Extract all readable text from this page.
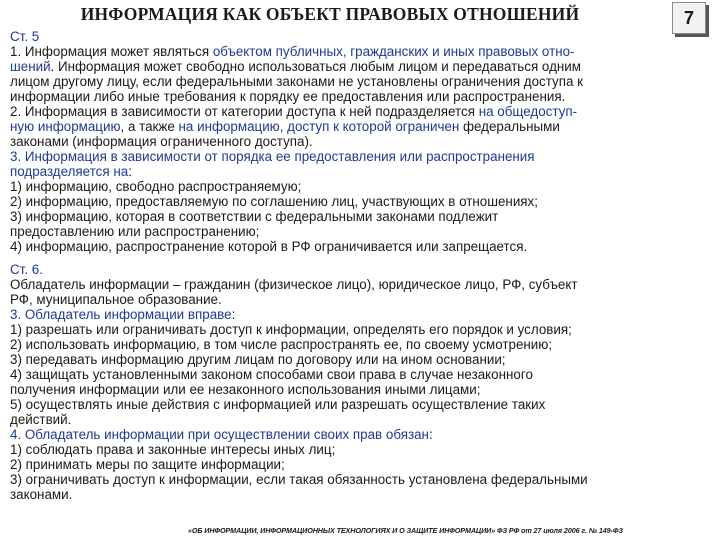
ИНФОРМАЦИЯ КАК ОБЪЕКТ ПРАВОВЫХ ОТНОШЕНИЙ	7
Ст. 5
1. Информация может являться объектом публичных, гражданских и иных правовых отно-
шений. Информация может свободно использоваться любым лицом и передаваться одним
лицом другому лицу, если федеральными законами не установлены ограничения доступа к
информации либо иные требования к порядку ее предоставления или распространения.
2. Информация в зависимости от категории доступа к ней подразделяется на общедоступ-
ную информацию, а также на информацию, доступ к которой ограничен федеральными
законами (информация ограниченного доступа).
3. Информация в зависимости от порядка ее предоставления или распространения
подразделяется на:
1) информацию, свободно распространяемую;
2) информацию, предоставляемую по соглашению лиц, участвующих в отношениях;
3) информацию, которая в соответствии с федеральными законами подлежит
предоставлению или распространению;
4) информацию, распространение которой в РФ ограничивается или запрещается.
Ст. 6.
Обладатель информации – гражданин (физическое лицо), юридическое лицо, РФ, субъект
РФ, муниципальное образование.
3. Обладатель информации вправе:
1) разрешать или ограничивать доступ к информации, определять его порядок и условия;
2) использовать информацию, в том числе распространять ее, по своему усмотрению;
3) передавать информацию другим лицам по договору или на ином основании;
4) защищать установленными законом способами свои права в случае незаконного
получения информации или ее незаконного использования иными лицами;
5) осуществлять иные действия с информацией или разрешать осуществление таких
действий.
4. Обладатель информации при осуществлении своих прав обязан:
1) соблюдать права и законные интересы иных лиц;
2) принимать меры по защите информации;
3) ограничивать доступ к информации, если такая обязанность установлена федеральными
законами.
«ОБ ИНФОРМАЦИИ, ИНФОРМАЦИОННЫХ ТЕХНОЛОГИЯХ И О ЗАЩИТЕ ИНФОРМАЦИИ» ФЗ РФ от 27 июля 2006 г. № 149-ФЗ
